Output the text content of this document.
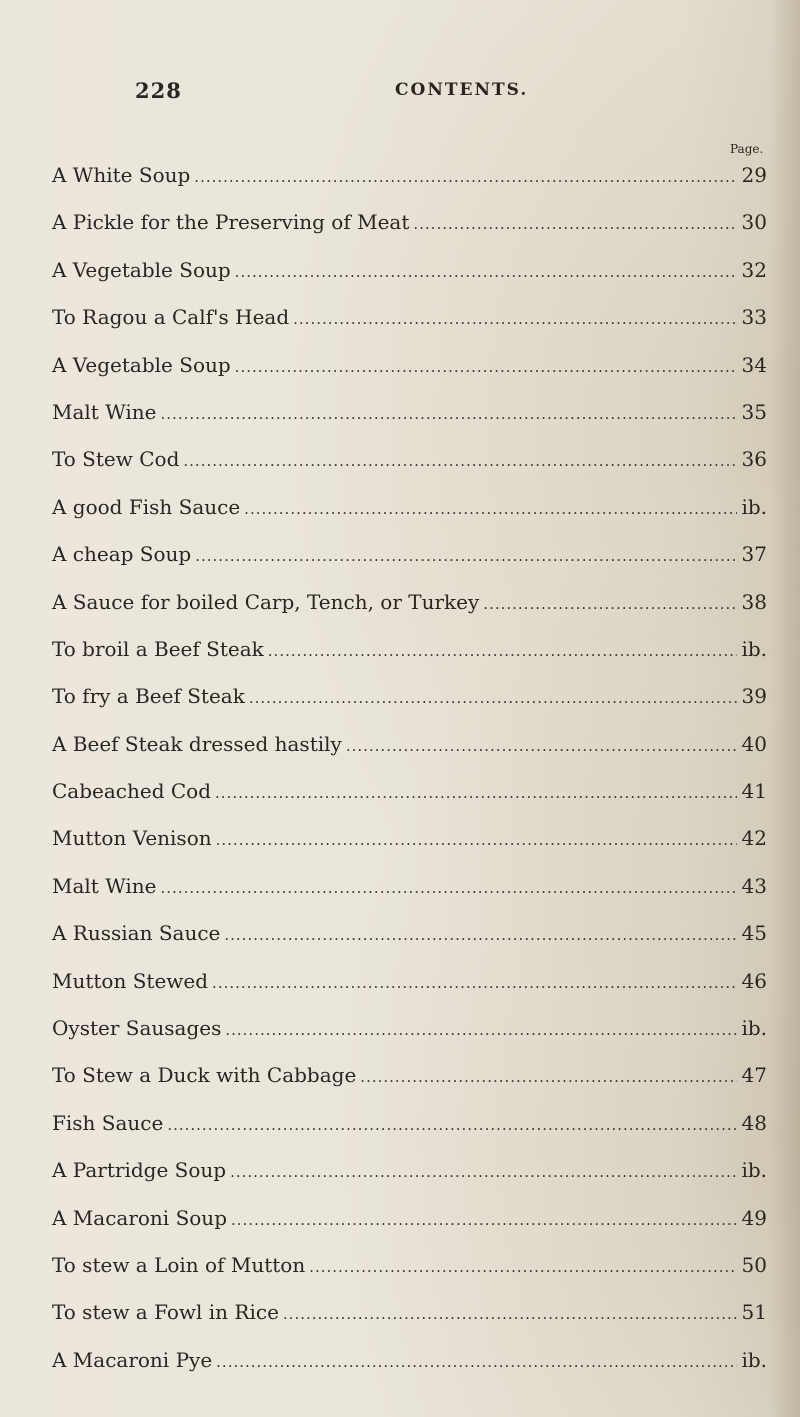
228	CONTENTS.
Page.
A White Soup .....	29
A Pickle for the Preserving of Meat .....	30
A Vegetable Soup .....	32
To Ragou a Calf's Head .....	33
A Vegetable Soup .....	34
Malt Wine .....	35
To Stew Cod .....	36
A good Fish Sauce .....	ib.
A cheap Soup .....	37
A Sauce for boiled Carp, Tench, or Turkey .....	38
To broil a Beef Steak .....	ib.
To fry a Beef Steak .....	39
A Beef Steak dressed hastily .....	40
Cabeached Cod .....	41
Mutton Venison .....	42
Malt Wine .....	43
A Russian Sauce .....	45
Mutton Stewed .....	46
Oyster Sausages .....	ib.
To Stew a Duck with Cabbage .....	47
Fish Sauce .....	48
A Partridge Soup .....	ib.
A Macaroni Soup .....	49
To stew a Loin of Mutton .....	50
To stew a Fowl in Rice .....	51
A Macaroni Pye .....	ib.
